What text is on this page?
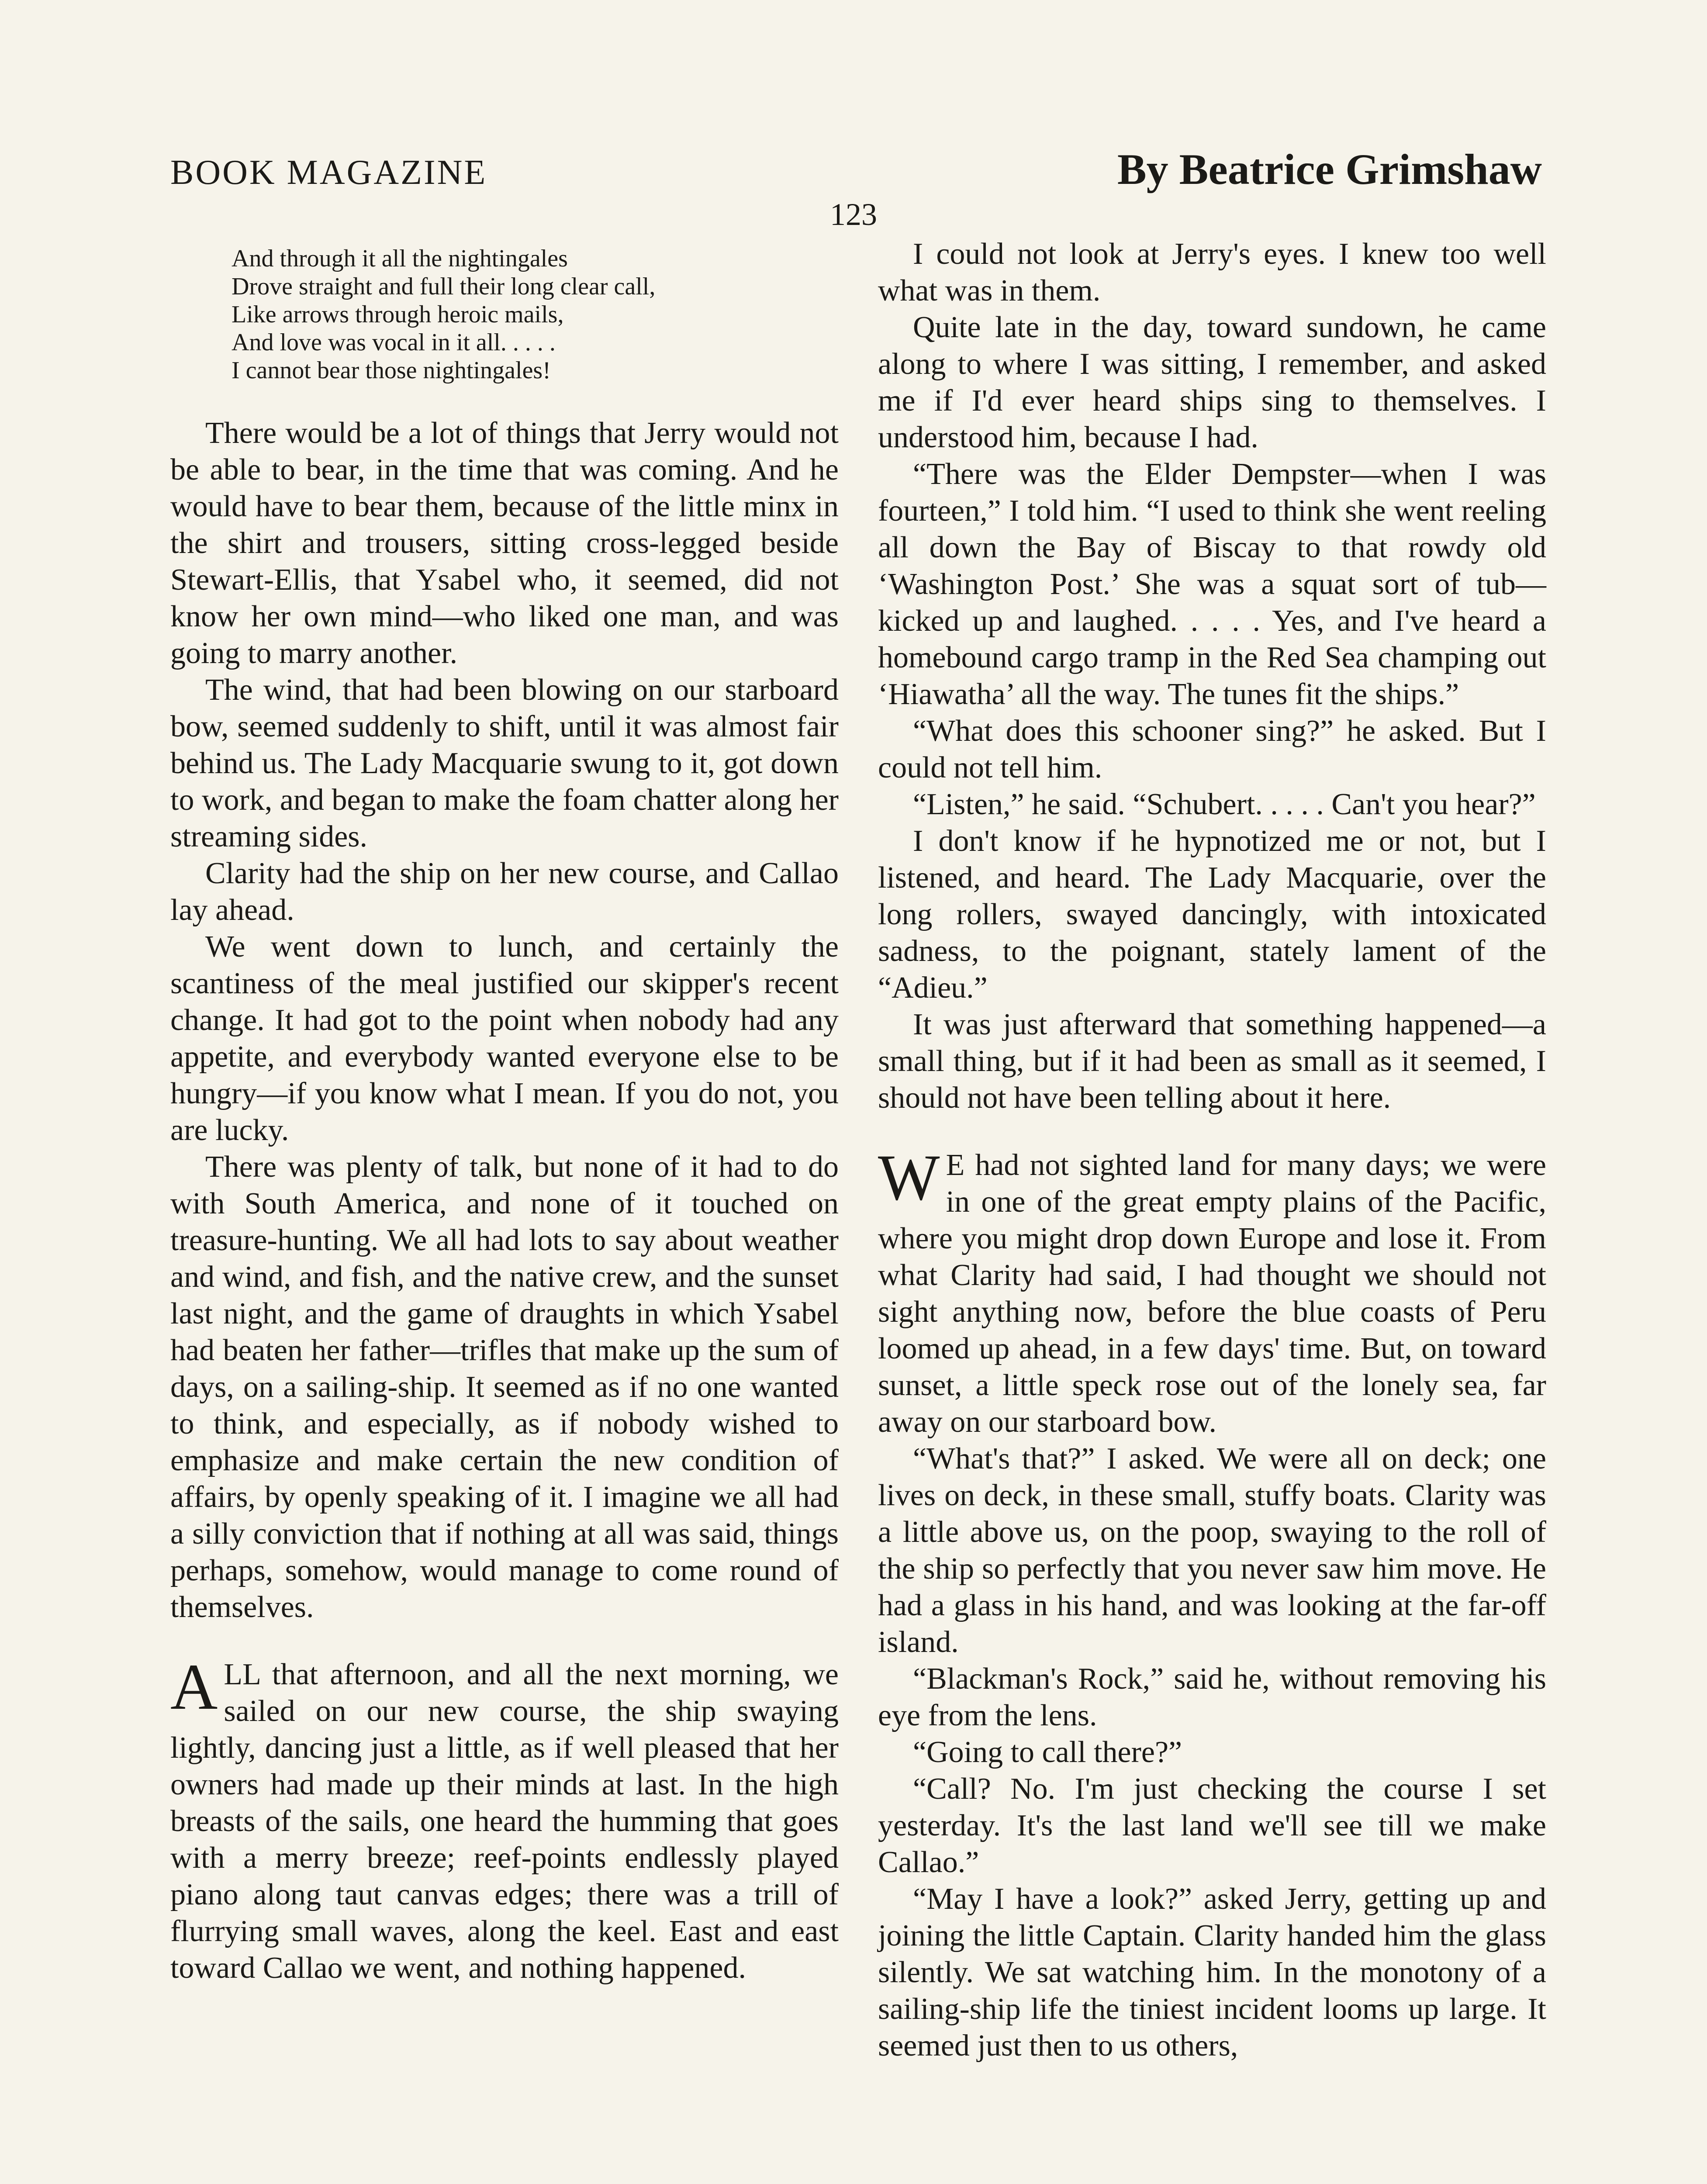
BOOK MAGAZINE	By Beatrice Grimshaw
123
And through it all the nightingales
Drove straight and full their long clear call,
Like arrows through heroic mails,
And love was vocal in it all. . . . .
I cannot bear those nightingales!

There would be a lot of things that Jerry would not be able to bear, in the time that was coming. And he would have to bear them, because of the little minx in the shirt and trousers, sitting cross-legged beside Stewart-Ellis, that Ysabel who, it seemed, did not know her own mind—who liked one man, and was going to marry another.

The wind, that had been blowing on our starboard bow, seemed suddenly to shift, until it was almost fair behind us. The Lady Macquarie swung to it, got down to work, and began to make the foam chatter along her streaming sides.

Clarity had the ship on her new course, and Callao lay ahead.

We went down to lunch, and certainly the scantiness of the meal justified our skipper's recent change. It had got to the point when nobody had any appetite, and everybody wanted everyone else to be hungry—if you know what I mean. If you do not, you are lucky.

There was plenty of talk, but none of it had to do with South America, and none of it touched on treasure-hunting. We all had lots to say about weather and wind, and fish, and the native crew, and the sunset last night, and the game of draughts in which Ysabel had beaten her father—trifles that make up the sum of days, on a sailing-ship. It seemed as if no one wanted to think, and especially, as if nobody wished to emphasize and make certain the new condition of affairs, by openly speaking of it. I imagine we all had a silly conviction that if nothing at all was said, things perhaps, somehow, would manage to come round of themselves.

ALL that afternoon, and all the next morning, we sailed on our new course, the ship swaying lightly, dancing just a little, as if well pleased that her owners had made up their minds at last. In the high breasts of the sails, one heard the humming that goes with a merry breeze; reef-points endlessly played piano along taut canvas edges; there was a trill of flurrying small waves, along the keel. East and east toward Callao we went, and nothing happened.

I could not look at Jerry's eyes. I knew too well what was in them.

Quite late in the day, toward sundown, he came along to where I was sitting, I remember, and asked me if I'd ever heard ships sing to themselves. I understood him, because I had.

“There was the Elder Dempster—when I was fourteen,” I told him. “I used to think she went reeling all down the Bay of Biscay to that rowdy old ‘Washington Post.’ She was a squat sort of tub—kicked up and laughed. . . . . Yes, and I've heard a homebound cargo tramp in the Red Sea champing out ‘Hiawatha’ all the way. The tunes fit the ships.”

“What does this schooner sing?” he asked. But I could not tell him.

“Listen,” he said. “Schubert. . . . . Can't you hear?”

I don't know if he hypnotized me or not, but I listened, and heard. The Lady Macquarie, over the long rollers, swayed dancingly, with intoxicated sadness, to the poignant, stately lament of the “Adieu.”

It was just afterward that something happened—a small thing, but if it had been as small as it seemed, I should not have been telling about it here.

W E had not sighted land for many days; we were in one of the great empty plains of the Pacific, where you might drop down Europe and lose it. From what Clarity had said, I had thought we should not sight anything now, before the blue coasts of Peru loomed up ahead, in a few days' time. But, on toward sunset, a little speck rose out of the lonely sea, far away on our starboard bow.

“What's that?” I asked. We were all on deck; one lives on deck, in these small, stuffy boats. Clarity was a little above us, on the poop, swaying to the roll of the ship so perfectly that you never saw him move. He had a glass in his hand, and was looking at the far-off island.

“Blackman's Rock,” said he, without removing his eye from the lens.

“Going to call there?”

“Call? No. I'm just checking the course I set yesterday. It's the last land we'll see till we make Callao.”

“May I have a look?” asked Jerry, getting up and joining the little Captain. Clarity handed him the glass silently. We sat watching him. In the monotony of a sailing-ship life the tiniest incident looms up large. It seemed just then to us others,
